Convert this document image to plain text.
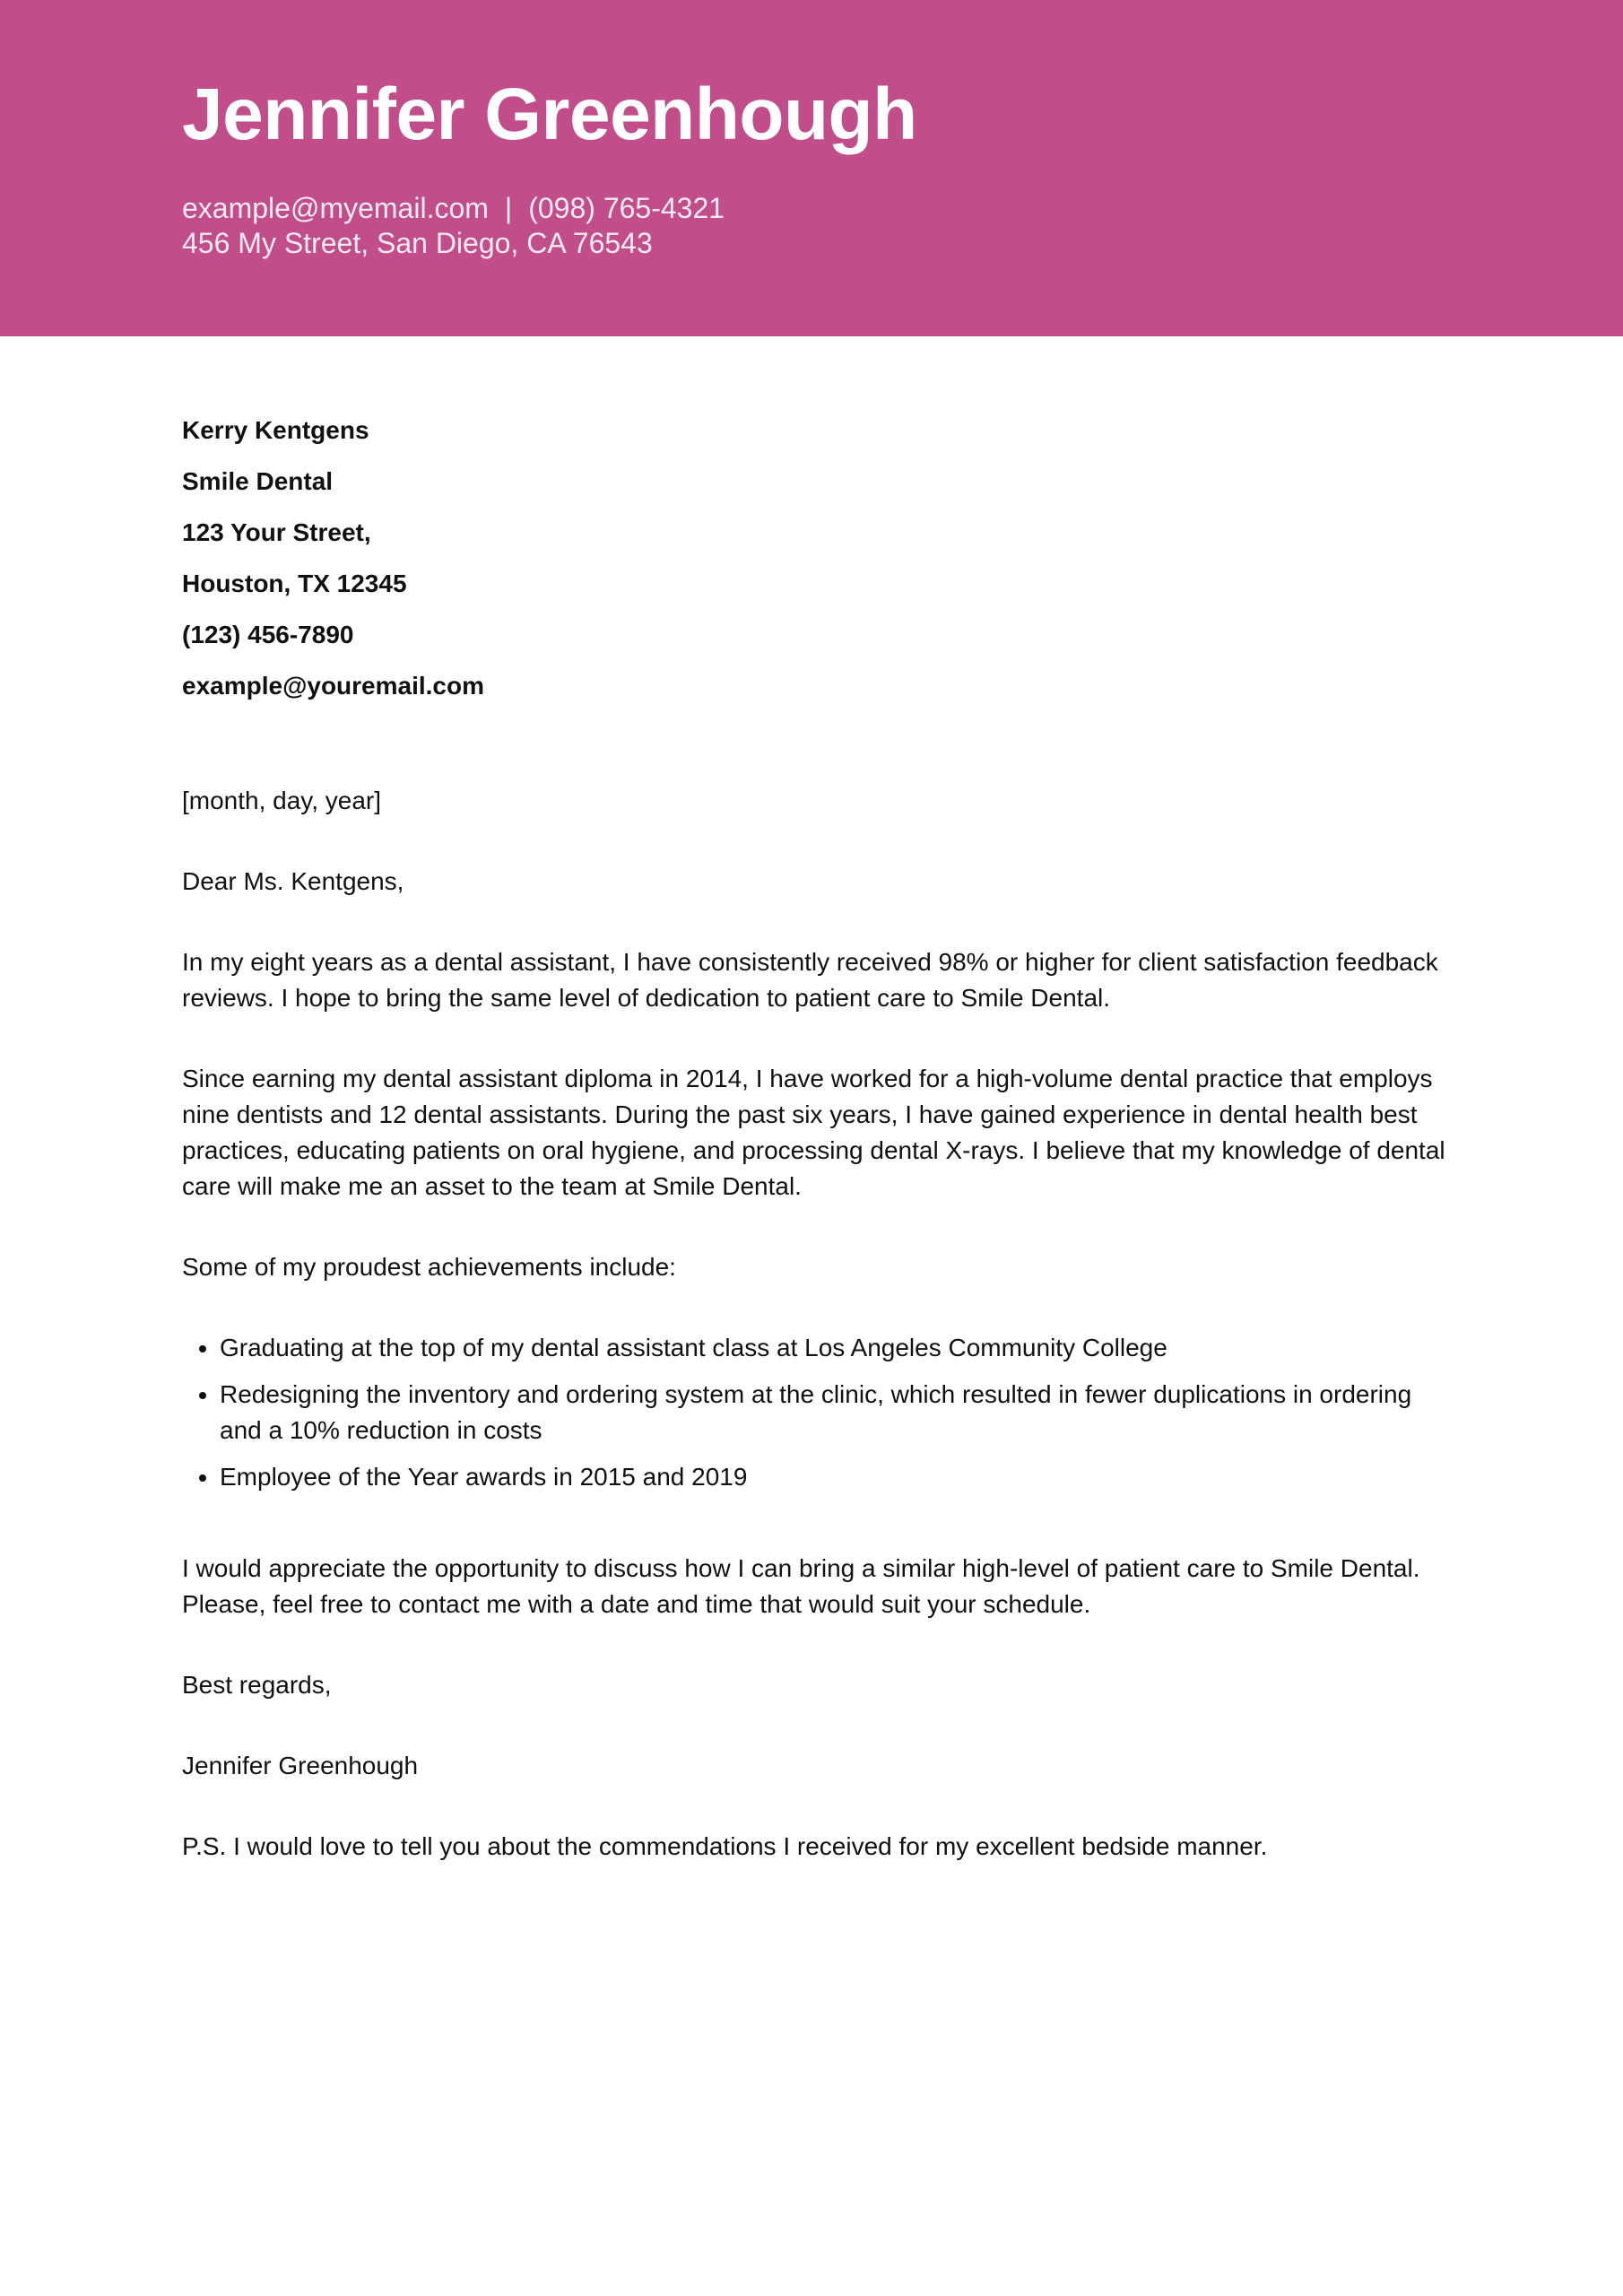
Jennifer Greenhough
example@myemail.com | (098) 765-4321
456 My Street, San Diego, CA 76543
Kerry Kentgens
Smile Dental
123 Your Street,
Houston, TX 12345
(123) 456-7890
example@youremail.com
[month, day, year]
Dear Ms. Kentgens,
In my eight years as a dental assistant, I have consistently received 98% or higher for client satisfaction feedback reviews. I hope to bring the same level of dedication to patient care to Smile Dental.
Since earning my dental assistant diploma in 2014, I have worked for a high-volume dental practice that employs nine dentists and 12 dental assistants. During the past six years, I have gained experience in dental health best practices, educating patients on oral hygiene, and processing dental X-rays. I believe that my knowledge of dental care will make me an asset to the team at Smile Dental.
Some of my proudest achievements include:
• Graduating at the top of my dental assistant class at Los Angeles Community College
• Redesigning the inventory and ordering system at the clinic, which resulted in fewer duplications in ordering and a 10% reduction in costs
• Employee of the Year awards in 2015 and 2019
I would appreciate the opportunity to discuss how I can bring a similar high-level of patient care to Smile Dental. Please, feel free to contact me with a date and time that would suit your schedule.
Best regards,
Jennifer Greenhough
P.S. I would love to tell you about the commendations I received for my excellent bedside manner.
